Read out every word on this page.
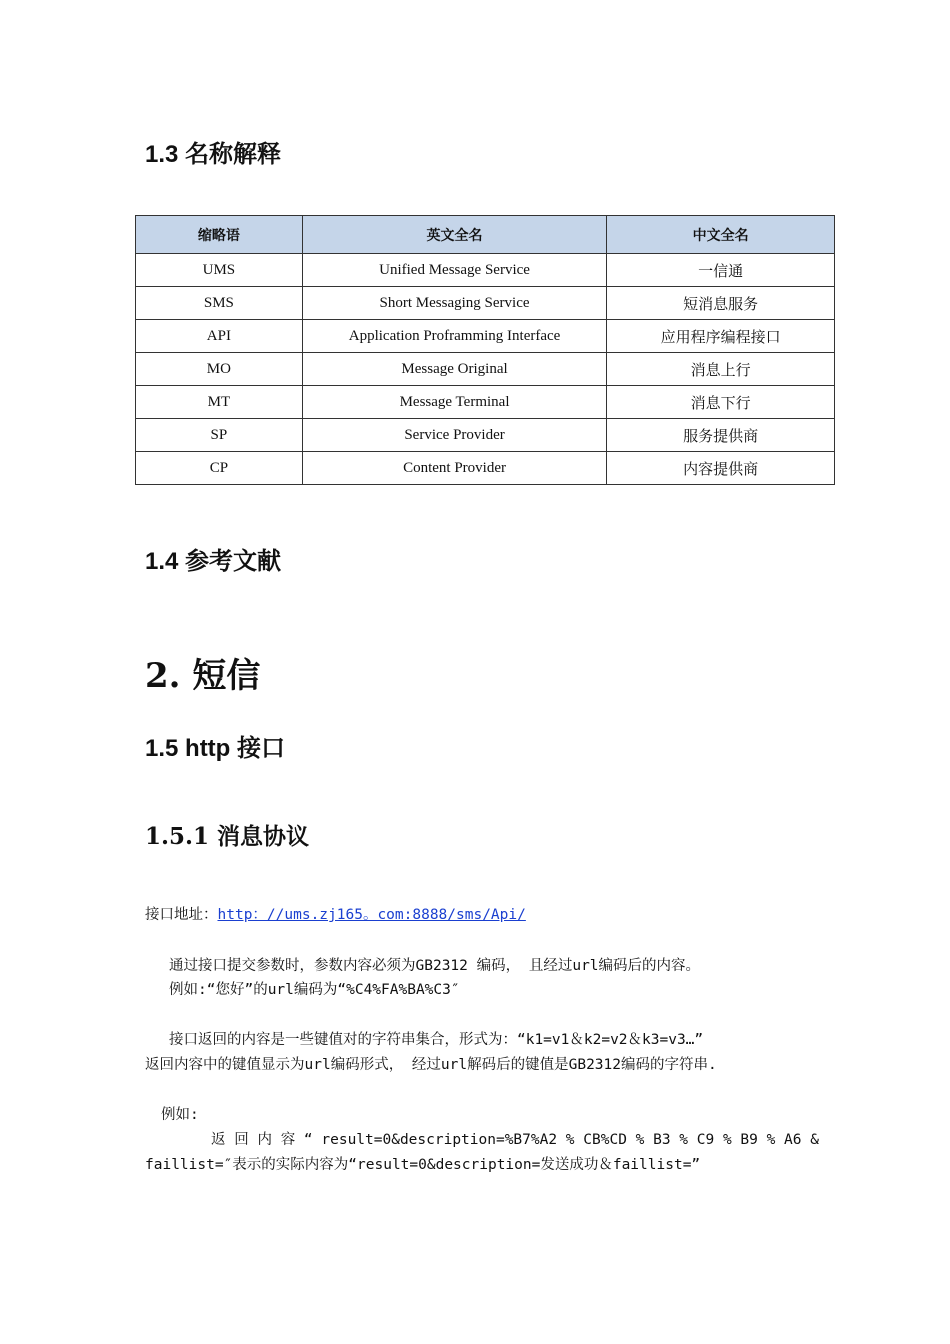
1.3 名称解释
缩略语	英文全名	中文全名
UMS	Unified Message Service	一信通
SMS	Short Messaging Service	短消息服务
API	Application Proframming Interface	应用程序编程接口
MO	Message Original	消息上行
MT	Message Terminal	消息下行
SP	Service Provider	服务提供商
CP	Content Provider	内容提供商
1.4 参考文献
2. 短信
1.5 http 接口
1.5.1 消息协议
接口地址：http：//ums.zj165。com:8888/sms/Api/
通过接口提交参数时，参数内容必须为GB2312 编码， 且经过url编码后的内容。
例如:“您好”的url编码为“%C4%FA%BA%C3″
接口返回的内容是一些键值对的字符串集合，形式为：“k1=v1＆k2=v2＆k3=v3…”
返回内容中的键值显示为url编码形式， 经过url解码后的键值是GB2312编码的字符串.
例如:
返 回 内 容 “ result=0&description=%B7%A2 % CB%CD % B3 % C9 % B9 % A6 &
faillist=″表示的实际内容为“result=0&description=发送成功＆faillist=”
